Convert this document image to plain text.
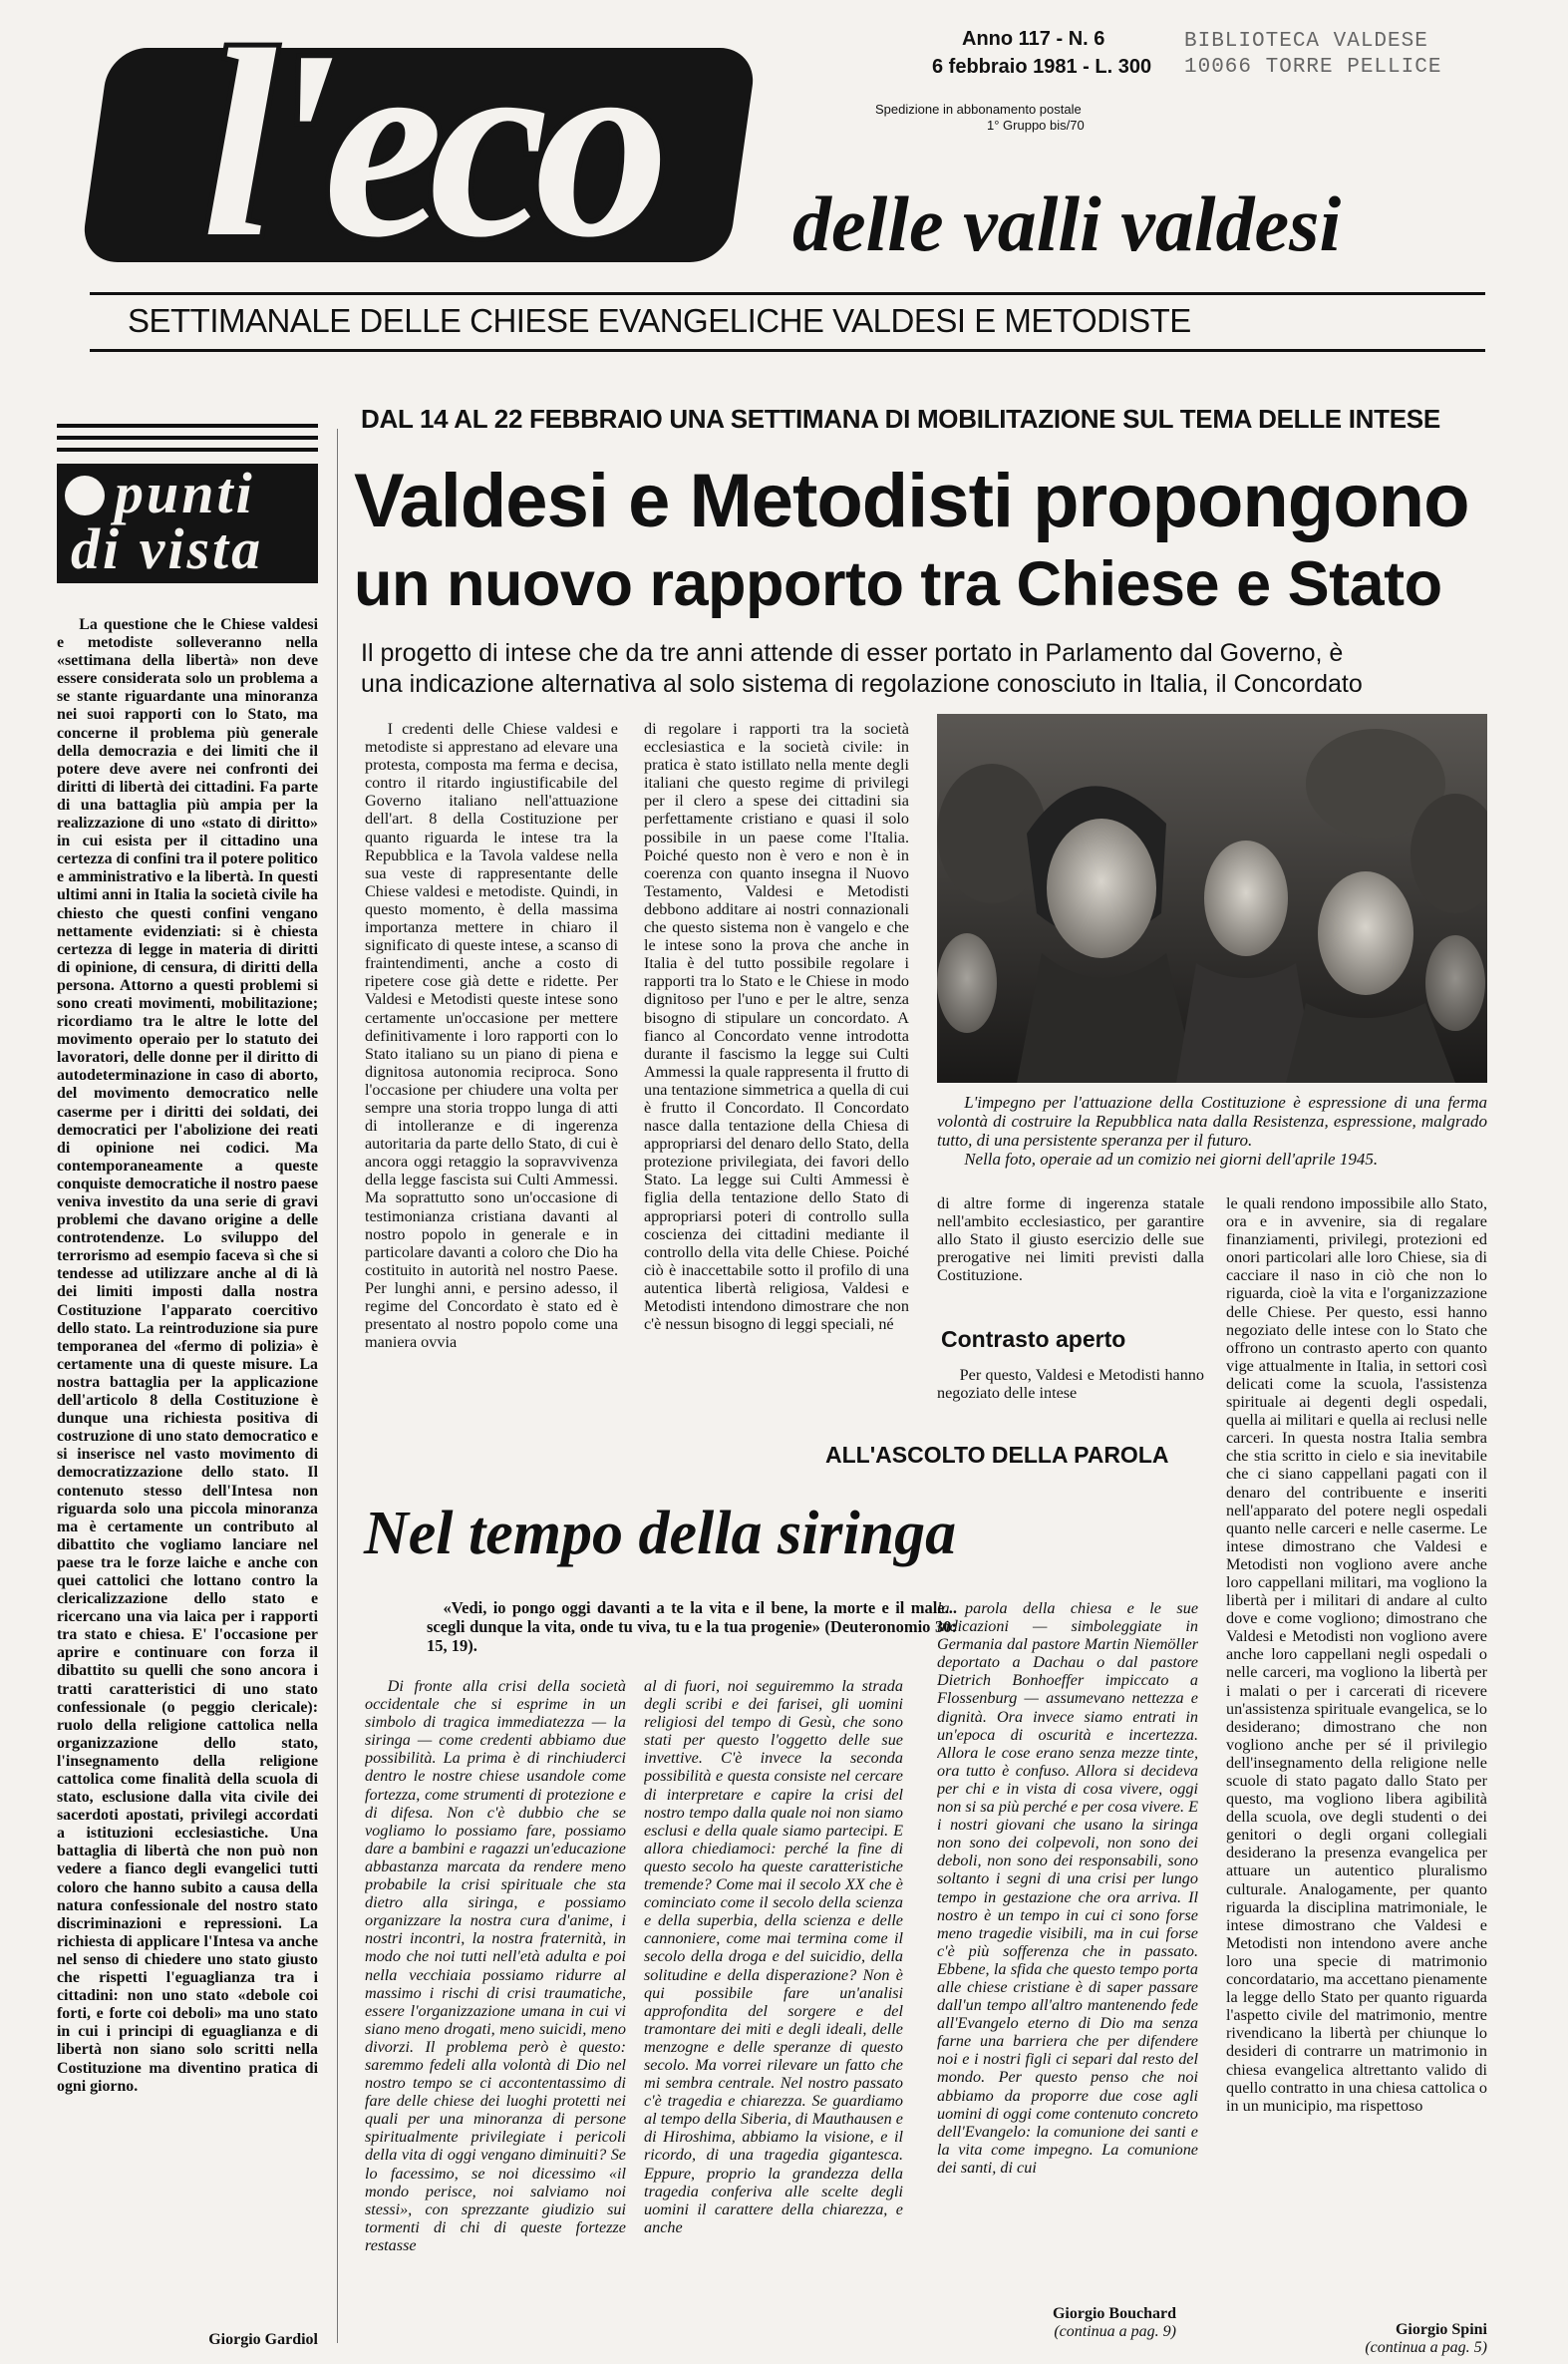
l'eco	delle valli valdesi
Anno 117 - N. 6
6 febbraio 1981 - L. 300
Spedizione in abbonamento postale
1° Gruppo bis/70
BIBLIOTECA VALDESE
10066 TORRE PELLICE
SETTIMANALE DELLE CHIESE EVANGELICHE VALDESI E METODISTE
punti
di vista
La questione che le Chiese valdesi e metodiste solleveranno nella «settimana della libertà» non deve essere considerata solo un problema a se stante riguardante una minoranza nei suoi rapporti con lo Stato, ma concerne il problema più generale della democrazia e dei limiti che il potere deve avere nei confronti dei diritti di libertà dei cittadini. Fa parte di una battaglia più ampia per la realizzazione di uno «stato di diritto» in cui esista per il cittadino una certezza di confini tra il potere politico e amministrativo e la libertà. In questi ultimi anni in Italia la società civile ha chiesto che questi confini vengano nettamente evidenziati: si è chiesta certezza di legge in materia di diritti di opinione, di censura, di diritti della persona. Attorno a questi problemi si sono creati movimenti, mobilitazione; ricordiamo tra le altre le lotte del movimento operaio per lo statuto dei lavoratori, delle donne per il diritto di autodeterminazione in caso di aborto, del movimento democratico nelle caserme per i diritti dei soldati, dei democratici per l'abolizione dei reati di opinione nei codici. Ma contemporaneamente a queste conquiste democratiche il nostro paese veniva investito da una serie di gravi problemi che davano origine a delle controtendenze. Lo sviluppo del terrorismo ad esempio faceva sì che si tendesse ad utilizzare anche al di là dei limiti imposti dalla nostra Costituzione l'apparato coercitivo dello stato. La reintroduzione sia pure temporanea del «fermo di polizia» è certamente una di queste misure. La nostra battaglia per la applicazione dell'articolo 8 della Costituzione è dunque una richiesta positiva di costruzione di uno stato democratico e si inserisce nel vasto movimento di democratizzazione dello stato. Il contenuto stesso dell'Intesa non riguarda solo una piccola minoranza ma è certamente un contributo al dibattito che vogliamo lanciare nel paese tra le forze laiche e anche con quei cattolici che lottano contro la clericalizzazione dello stato e ricercano una via laica per i rapporti tra stato e chiesa. E' l'occasione per aprire e continuare con forza il dibattito su quelli che sono ancora i tratti caratteristici di uno stato confessionale (o peggio clericale): ruolo della religione cattolica nella organizzazione dello stato, l'insegnamento della religione cattolica come finalità della scuola di stato, esclusione dalla vita civile dei sacerdoti apostati, privilegi accordati a istituzioni ecclesiastiche. Una battaglia di libertà che non può non vedere a fianco degli evangelici tutti coloro che hanno subito a causa della natura confessionale del nostro stato discriminazioni e repressioni. La richiesta di applicare l'Intesa va anche nel senso di chiedere uno stato giusto che rispetti l'eguaglianza tra i cittadini: non uno stato «debole coi forti, e forte coi deboli» ma uno stato in cui i principi di eguaglianza e di libertà non siano solo scritti nella Costituzione ma diventino pratica di ogni giorno.
Giorgio Gardiol
DAL 14 AL 22 FEBBRAIO UNA SETTIMANA DI MOBILITAZIONE SUL TEMA DELLE INTESE
Valdesi e Metodisti propongono
un nuovo rapporto tra Chiese e Stato
Il progetto di intese che da tre anni attende di esser portato in Parlamento dal Governo, è
una indicazione alternativa al solo sistema di regolazione conosciuto in Italia, il Concordato
I credenti delle Chiese valdesi e metodiste si apprestano ad elevare una protesta, composta ma ferma e decisa, contro il ritardo ingiustificabile del Governo italiano nell'attuazione dell'art. 8 della Costituzione per quanto riguarda le intese tra la Repubblica e la Tavola valdese nella sua veste di rappresentante delle Chiese valdesi e metodiste. Quindi, in questo momento, è della massima importanza mettere in chiaro il significato di queste intese, a scanso di fraintendimenti, anche a costo di ripetere cose già dette e ridette. Per Valdesi e Metodisti queste intese sono certamente un'occasione per mettere definitivamente i loro rapporti con lo Stato italiano su un piano di piena e dignitosa autonomia reciproca. Sono l'occasione per chiudere una volta per sempre una storia troppo lunga di atti di intolleranze e di ingerenza autoritaria da parte dello Stato, di cui è ancora oggi retaggio la sopravvivenza della legge fascista sui Culti Ammessi. Ma soprattutto sono un'occasione di testimonianza cristiana davanti al nostro popolo in generale e in particolare davanti a coloro che Dio ha costituito in autorità nel nostro Paese. Per lunghi anni, e persino adesso, il regime del Concordato è stato ed è presentato al nostro popolo come una maniera ovvia
di regolare i rapporti tra la società ecclesiastica e la società civile: in pratica è stato istillato nella mente degli italiani che questo regime di privilegi per il clero a spese dei cittadini sia perfettamente cristiano e quasi il solo possibile in un paese come l'Italia. Poiché questo non è vero e non è in coerenza con quanto insegna il Nuovo Testamento, Valdesi e Metodisti debbono additare ai nostri connazionali che questo sistema non è vangelo e che le intese sono la prova che anche in Italia è del tutto possibile regolare i rapporti tra lo Stato e le Chiese in modo dignitoso per l'uno e per le altre, senza bisogno di stipulare un concordato. A fianco al Concordato venne introdotta durante il fascismo la legge sui Culti Ammessi la quale rappresenta il frutto di una tentazione simmetrica a quella di cui è frutto il Concordato. Il Concordato nasce dalla tentazione della Chiesa di appropriarsi del denaro dello Stato, della protezione privilegiata, dei favori dello Stato. La legge sui Culti Ammessi è figlia della tentazione dello Stato di appropriarsi poteri di controllo sulla coscienza dei cittadini mediante il controllo della vita delle Chiese. Poiché ciò è inaccettabile sotto il profilo di una autentica libertà religiosa, Valdesi e Metodisti intendono dimostrare che non c'è nessun bisogno di leggi speciali, né
L'impegno per l'attuazione della Costituzione è espressione di una ferma volontà di costruire la Repubblica nata dalla Resistenza, espressione, malgrado tutto, di una persistente speranza per il futuro.
Nella foto, operaie ad un comizio nei giorni dell'aprile 1945.
di altre forme di ingerenza statale nell'ambito ecclesiastico, per garantire allo Stato il giusto esercizio delle sue prerogative nei limiti previsti dalla Costituzione.
Contrasto aperto
Per questo, Valdesi e Metodisti hanno negoziato delle intese
le quali rendono impossibile allo Stato, ora e in avvenire, sia di regalare finanziamenti, privilegi, protezioni ed onori particolari alle loro Chiese, sia di cacciare il naso in ciò che non lo riguarda, cioè la vita e l'organizzazione delle Chiese. Per questo, essi hanno negoziato delle intese con lo Stato che offrono un contrasto aperto con quanto vige attualmente in Italia, in settori così delicati come la scuola, l'assistenza spirituale ai degenti degli ospedali, quella ai militari e quella ai reclusi nelle carceri. In questa nostra Italia sembra che stia scritto in cielo e sia inevitabile che ci siano cappellani pagati con il denaro del contribuente e inseriti nell'apparato del potere negli ospedali quanto nelle carceri e nelle caserme. Le intese dimostrano che Valdesi e Metodisti non vogliono avere anche loro cappellani militari, ma vogliono la libertà per i militari di andare al culto dove e come vogliono; dimostrano che Valdesi e Metodisti non vogliono avere anche loro cappellani negli ospedali o nelle carceri, ma vogliono la libertà per i malati o per i carcerati di ricevere un'assistenza spirituale evangelica, se lo desiderano; dimostrano che non vogliono anche per sé il privilegio dell'insegnamento della religione nelle scuole di stato pagato dallo Stato per questo, ma vogliono libera agibilità della scuola, ove degli studenti o dei genitori o degli organi collegiali desiderano la presenza evangelica per attuare un autentico pluralismo culturale. Analogamente, per quanto riguarda la disciplina matrimoniale, le intese dimostrano che Valdesi e Metodisti non intendono avere anche loro una specie di matrimonio concordatario, ma accettano pienamente la legge dello Stato per quanto riguarda l'aspetto civile del matrimonio, mentre rivendicano la libertà per chiunque lo desideri di contrarre un matrimonio in chiesa evangelica altrettanto valido di quello contratto in una chiesa cattolica o in un municipio, ma rispettoso
Giorgio Spini
(continua a pag. 5)
ALL'ASCOLTO DELLA PAROLA
Nel tempo della siringa
«Vedi, io pongo oggi davanti a te la vita e il bene, la morte e il male... scegli dunque la vita, onde tu viva, tu e la tua progenie» (Deuteronomio 30: 15, 19).
Di fronte alla crisi della società occidentale che si esprime in un simbolo di tragica immediatezza — la siringa — come credenti abbiamo due possibilità. La prima è di rinchiuderci dentro le nostre chiese usandole come fortezza, come strumenti di protezione e di difesa. Non c'è dubbio che se vogliamo lo possiamo fare, possiamo dare a bambini e ragazzi un'educazione abbastanza marcata da rendere meno probabile la crisi spirituale che sta dietro alla siringa, e possiamo organizzare la nostra cura d'anime, i nostri incontri, la nostra fraternità, in modo che noi tutti nell'età adulta e poi nella vecchiaia possiamo ridurre al massimo i rischi di crisi traumatiche, essere l'organizzazione umana in cui vi siano meno drogati, meno suicidi, meno divorzi. Il problema però è questo: saremmo fedeli alla volontà di Dio nel nostro tempo se ci accontentassimo di fare delle chiese dei luoghi protetti nei quali per una minoranza di persone spiritualmente privilegiate i pericoli della vita di oggi vengano diminuiti? Se lo facessimo, se noi dicessimo «il mondo perisce, noi salviamo noi stessi», con sprezzante giudizio sui tormenti di chi di queste fortezze restasse
al di fuori, noi seguiremmo la strada degli scribi e dei farisei, gli uomini religiosi del tempo di Gesù, che sono stati per questo l'oggetto delle sue invettive. C'è invece la seconda possibilità e questa consiste nel cercare di interpretare e capire la crisi del nostro tempo dalla quale noi non siamo esclusi e della quale siamo partecipi. E allora chiediamoci: perché la fine di questo secolo ha queste caratteristiche tremende? Come mai il secolo XX che è cominciato come il secolo della scienza e della superbia, della scienza e delle cannoniere, come mai termina come il secolo della droga e del suicidio, della solitudine e della disperazione? Non è qui possibile fare un'analisi approfondita del sorgere e del tramontare dei miti e degli ideali, delle menzogne e delle speranze di questo secolo. Ma vorrei rilevare un fatto che mi sembra centrale. Nel nostro passato c'è tragedia e chiarezza. Se guardiamo al tempo della Siberia, di Mauthausen e di Hiroshima, abbiamo la visione, e il ricordo, di una tragedia gigantesca. Eppure, proprio la grandezza della tragedia conferiva alle scelte degli uomini il carattere della chiarezza, e anche
la parola della chiesa e le sue indicazioni — simboleggiate in Germania dal pastore Martin Niemöller deportato a Dachau o dal pastore Dietrich Bonhoeffer impiccato a Flossenburg — assumevano nettezza e dignità. Ora invece siamo entrati in un'epoca di oscurità e incertezza. Allora le cose erano senza mezze tinte, ora tutto è confuso. Allora si decideva per chi e in vista di cosa vivere, oggi non si sa più perché e per cosa vivere. E i nostri giovani che usano la siringa non sono dei colpevoli, non sono dei deboli, non sono dei responsabili, sono soltanto i segni di una crisi per lungo tempo in gestazione che ora arriva. Il nostro è un tempo in cui ci sono forse meno tragedie visibili, ma in cui forse c'è più sofferenza che in passato. Ebbene, la sfida che questo tempo porta alle chiese cristiane è di saper passare dall'un tempo all'altro mantenendo fede all'Evangelo eterno di Dio ma senza farne una barriera che per difendere noi e i nostri figli ci separi dal resto del mondo. Per questo penso che noi abbiamo da proporre due cose agli uomini di oggi come contenuto concreto dell'Evangelo: la comunione dei santi e la vita come impegno. La comunione dei santi, di cui
Giorgio Bouchard
(continua a pag. 9)
